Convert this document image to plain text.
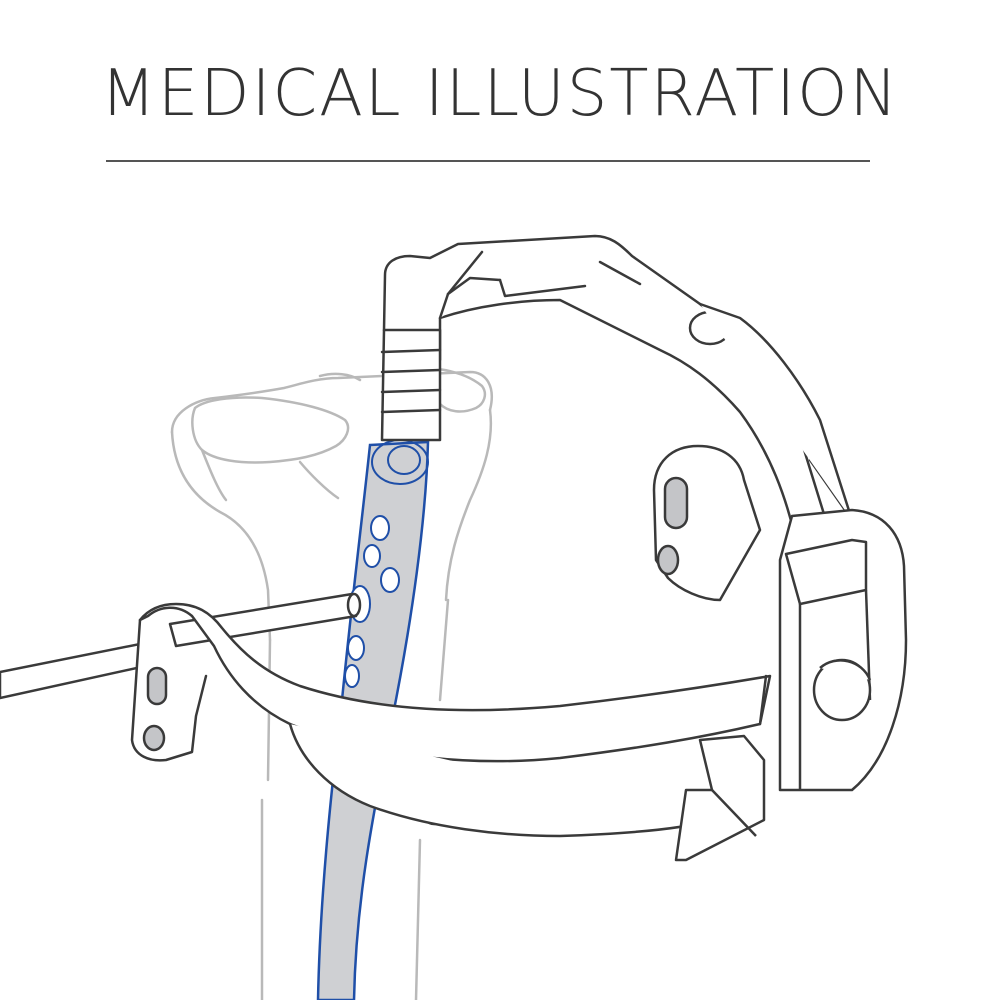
MEDICAL ILLUSTRATION
